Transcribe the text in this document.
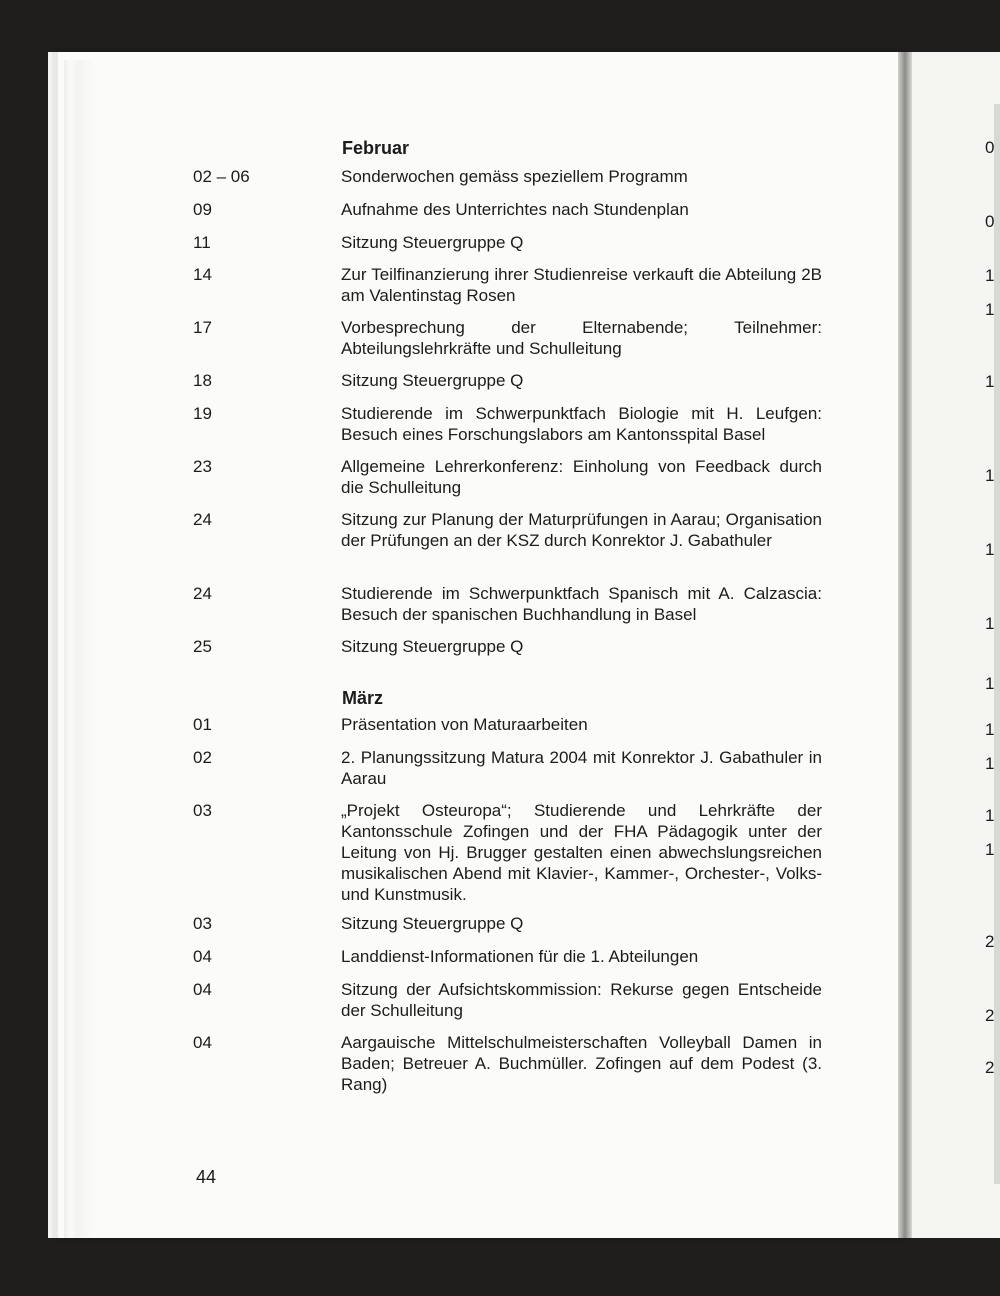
0
0
1
1
1
1
1
1
1
1
1
1
1
2
2
2
Februar
02 – 06	Sonderwochen gemäss speziellem Programm
09	Aufnahme des Unterrichtes nach Stundenplan
11	Sitzung Steuergruppe Q
14	Zur Teilfinanzierung ihrer Studienreise verkauft die Abteilung 2B am Valentinstag Rosen
17	Vorbesprechung der Elternabende; Teilnehmer: Abteilungslehrkräfte und Schulleitung
18	Sitzung Steuergruppe Q
19	Studierende im Schwerpunktfach Biologie mit H. Leufgen: Besuch eines Forschungslabors am Kantonsspital Basel
23	Allgemeine Lehrerkonferenz: Einholung von Feedback durch die Schulleitung
24	Sitzung zur Planung der Maturprüfungen in Aarau; Organisation der Prüfungen an der KSZ durch Konrektor J. Gabathuler
24	Studierende im Schwerpunktfach Spanisch mit A. Calzascia: Besuch der spanischen Buchhandlung in Basel
25	Sitzung Steuergruppe Q
März
01	Präsentation von Maturaarbeiten
02	2. Planungssitzung Matura 2004 mit Konrektor J. Gabathuler in Aarau
03	„Projekt Osteuropa“; Studierende und Lehrkräfte der Kantonsschule Zofingen und der FHA Pädagogik unter der Leitung von Hj. Brugger gestalten einen abwechslungsreichen musikalischen Abend mit Klavier-, Kammer-, Orchester-, Volks- und Kunstmusik.
03	Sitzung Steuergruppe Q
04	Landdienst-Informationen für die 1. Abteilungen
04	Sitzung der Aufsichtskommission: Rekurse gegen Entscheide der Schulleitung
04	Aargauische Mittelschulmeisterschaften Volleyball Damen in Baden; Betreuer A. Buchmüller. Zofingen auf dem Podest (3. Rang)
44
